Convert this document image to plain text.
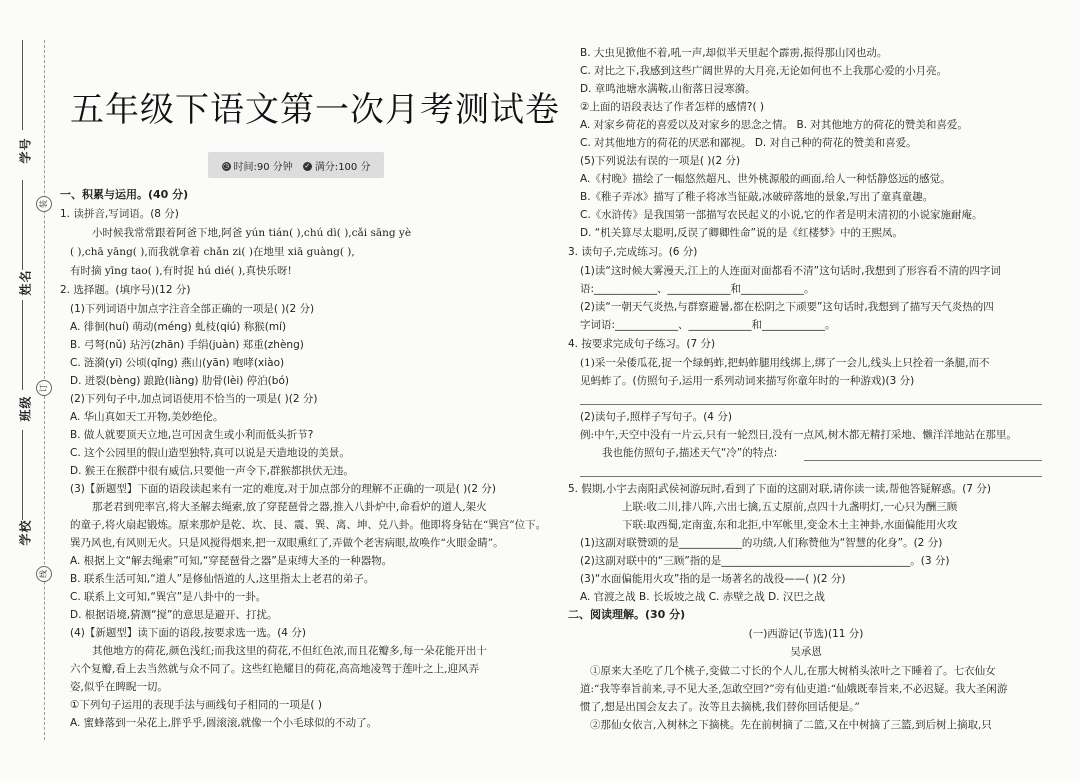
学号
装
姓名
订
班级
学校
线
五年级下语文第一次月考测试卷
◷ 时间:90 分钟 ✓ 满分:100 分
一、积累与运用。(40 分)
1. 读拼音,写词语。(8 分)
小时候我常常跟着阿爸下地,阿爸 yún tián( ),chú dì( ),cǎi sāng yè
( ),chā yāng( ),而我就拿着 chǎn zi( )在地里 xiā guàng( ),
有时摘 yīng tao( ),有时捉 hú dié( ),真快乐呀!
2. 选择题。(填序号)(12 分)
(1)下列词语中加点字注音全部正确的一项是( )(2 分)
A. 徘徊(huí) 萌动(méng) 虬枝(qiú) 称猴(mí)
B. 弓弩(nǔ) 玷污(zhān) 手绢(juàn) 郑重(zhèng)
C. 涟漪(yī) 公顷(qǐng) 燕山(yān) 咆哮(xiào)
D. 迸裂(bèng) 踉跄(liàng) 肋骨(lèi) 停泊(bó)
(2)下列句子中,加点词语使用不恰当的一项是( )(2 分)
A. 华山真如天工开物,美妙绝伦。
B. 做人就要顶天立地,岂可因贪生或小利而低头折节?
C. 这个公园里的假山造型独特,真可以说是天造地设的美景。
D. 猴王在猴群中很有威信,只要他一声令下,群猴都拱伏无违。
(3)【新题型】下面的语段读起来有一定的难度,对于加点部分的理解不正确的一项是( )(2 分)
那老君到兜率宫,将大圣解去绳索,放了穿琵琶骨之器,推入八卦炉中,命看炉的道人,架火
的童子,将火扇起锻炼。原来那炉是乾、坎、艮、震、巽、离、坤、兑八卦。他即将身钻在“巽宫”位下。
巽乃风也,有风则无火。只是风搅得烟来,把一双眼熏红了,弄做个老害病眼,故唤作“火眼金睛”。
A. 根据上文“解去绳索”可知,“穿琵琶骨之器”是束缚大圣的一种器物。
B. 联系生活可知,“道人”是修仙悟道的人,这里指太上老君的弟子。
C. 联系上文可知,“巽宫”是八卦中的一卦。
D. 根据语境,猜测“搅”的意思是避开、打扰。
(4)【新题型】读下面的语段,按要求选一选。(4 分)
其他地方的荷花,颜色浅红;而我这里的荷花,不但红色浓,而且花瓣多,每一朵花能开出十
六个复瓣,看上去当然就与众不同了。这些红艳耀目的荷花,高高地凌驾于莲叶之上,迎风弄
姿,似乎在睥睨一切。
①下列句子运用的表现手法与画线句子相同的一项是( )
A. 蜜蜂落到一朵花上,胖乎乎,圆滚滚,就像一个小毛球似的不动了。
B. 大虫见掀他不着,吼一声,却似半天里起个霹雳,振得那山冈也动。
C. 对比之下,我感到这些广阔世界的大月亮,无论如何也不上我那心爱的小月亮。
D. 章鸣池塘水满鞍,山衔落日浸寒漪。
②上面的语段表达了作者怎样的感情?( )
A. 对家乡荷花的喜爱以及对家乡的思念之情。 B. 对其他地方的荷花的赞美和喜爱。
C. 对其他地方的荷花的厌恶和鄙视。 D. 对自己种的荷花的赞美和喜爱。
(5)下列说法有误的一项是( )(2 分)
A.《村晚》描绘了一幅悠然超凡、世外桃源般的画面,给人一种恬静悠远的感觉。
B.《稚子弄冰》描写了稚子将冰当钲敲,冰破碎落地的景象,写出了童真童趣。
C.《水浒传》是我国第一部描写农民起义的小说,它的作者是明末清初的小说家施耐庵。
D. “机关算尽太聪明,反误了卿卿性命”说的是《红楼梦》中的王熙凤。
3. 读句子,完成练习。(6 分)
(1)读“这时候大雾漫天,江上的人连面对面都看不清”这句话时,我想到了形容看不清的四字词
语:____________、____________和____________。
(2)读“一朝天气炎热,与群察避暑,都在松阴之下顽要”这句话时,我想到了描写天气炎热的四
字词语:____________、____________和____________。
4. 按要求完成句子练习。(7 分)
(1)采一朵倭瓜花,捉一个绿蚂蚱,把蚂蚱腿用线绑上,绑了一会儿,线头上只拴着一条腿,而不
见蚂蚱了。(仿照句子,运用一系列动词来描写你童年时的一种游戏)(3 分)
(2)读句子,照样子写句子。(4 分)
例:中午,天空中没有一片云,只有一轮烈日,没有一点风,树木都无精打采地、懒洋洋地站在那里。
我也能仿照句子,描述天气“冷”的特点:
5. 假期,小宇去南阳武侯祠游玩时,看到了下面的这副对联,请你读一读,帮他答疑解惑。(7 分)
上联:收二川,排八阵,六出七擒,五丈原前,点四十九盏明灯,一心只为酬三顾
下联:取西蜀,定南蛮,东和北拒,中军帐里,变金木土主神卦,水面偏能用火攻
(1)这副对联赞颂的是____________的功绩,人们称赞他为“智慧的化身”。(2 分)
(2)这副对联中的“三顾”指的是____________________________________。(3 分)
(3)“水面偏能用火攻”指的是一场著名的战役——( )(2 分)
A. 官渡之战 B. 长坂坡之战 C. 赤壁之战 D. 汉巴之战
二、阅读理解。(30 分)
(一)西游记(节选)(11 分)
吴承恩
①原来大圣吃了几个桃子,变做二寸长的个人儿,在那大树梢头浓叶之下睡着了。七衣仙女
道:“我等奉旨前来,寻不见大圣,怎敢空回?”旁有仙吏道:“仙娥既奉旨来,不必迟疑。我大圣闲游
惯了,想是出国会友去了。汝等且去摘桃,我们替你回话便是。”
②那仙女依言,入树林之下摘桃。先在前树摘了二篮,又在中树摘了三篮,到后树上摘取,只
